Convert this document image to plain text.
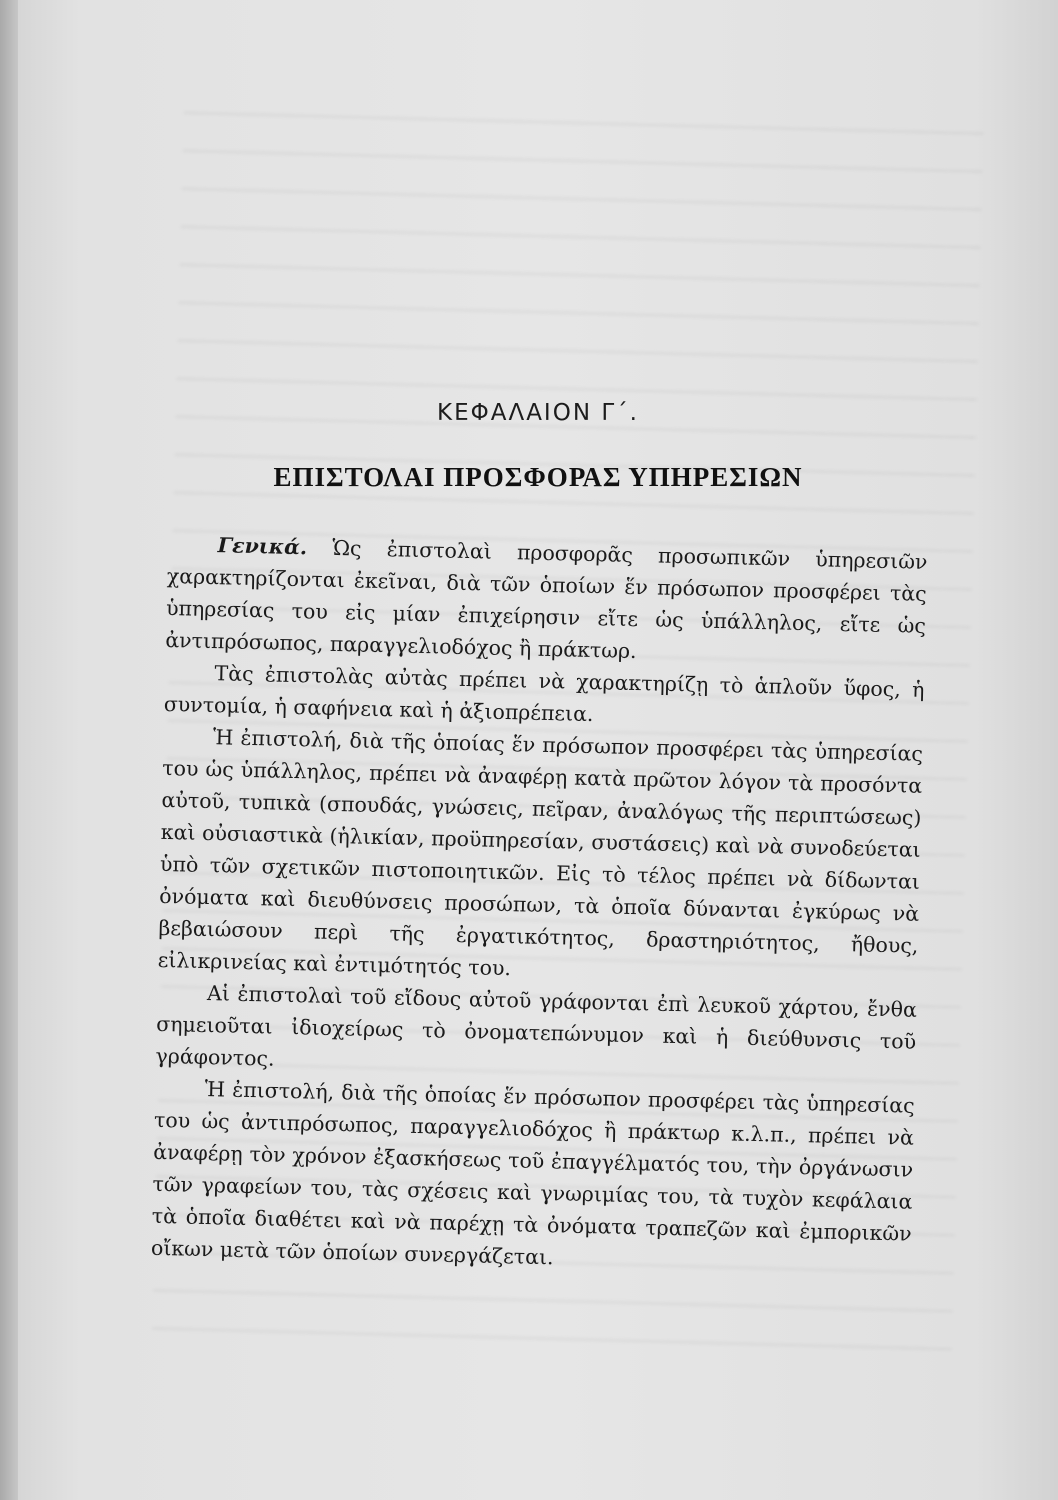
ΚΕΦΑΛΑΙΟΝ Γ΄.
ΕΠΙΣΤΟΛΑΙ ΠΡΟΣΦΟΡΑΣ ΥΠΗΡΕΣΙΩΝ

Γενικά. Ὡς ἐπιστολαὶ προσφορᾶς προσωπικῶν ὑπηρεσιῶν χαρακτηρίζονται ἐκεῖναι, διὰ τῶν ὁποίων ἕν πρόσωπον προσφέρει τὰς ὑπηρεσίας του εἰς μίαν ἐπιχείρησιν εἴτε ὡς ὑπάλληλος, εἴτε ὡς ἀντιπρόσωπος, παραγγελιοδόχος ἢ πράκτωρ.

Τὰς ἐπιστολὰς αὐτὰς πρέπει νὰ χαρακτηρίζῃ τὸ ἁπλοῦν ὕφος, ἡ συντομία, ἡ σαφήνεια καὶ ἡ ἀξιοπρέπεια.

Ἡ ἐπιστολή, διὰ τῆς ὁποίας ἕν πρόσωπον προσφέρει τὰς ὑπηρεσίας του ὡς ὑπάλληλος, πρέπει νὰ ἀναφέρῃ κατὰ πρῶτον λόγον τὰ προσόντα αὐτοῦ, τυπικὰ (σπουδάς, γνώσεις, πεῖραν, ἀναλόγως τῆς περιπτώσεως) καὶ οὐσιαστικὰ (ἡλικίαν, προϋπηρεσίαν, συστάσεις) καὶ νὰ συνοδεύεται ὑπὸ τῶν σχετικῶν πιστοποιητικῶν. Εἰς τὸ τέλος πρέπει νὰ δίδωνται ὀνόματα καὶ διευθύνσεις προσώπων, τὰ ὁποῖα δύνανται ἐγκύρως νὰ βεβαιώσουν περὶ τῆς ἐργατικότητος, δραστηριότητος, ἤθους, εἰλικρινείας καὶ ἐντιμότητός του.

Αἱ ἐπιστολαὶ τοῦ εἴδους αὐτοῦ γράφονται ἐπὶ λευκοῦ χάρτου, ἔνθα σημειοῦται ἰδιοχείρως τὸ ὀνοματεπώνυμον καὶ ἡ διεύθυνσις τοῦ γράφοντος.

Ἡ ἐπιστολή, διὰ τῆς ὁποίας ἕν πρόσωπον προσφέρει τὰς ὑπηρεσίας του ὡς ἀντιπρόσωπος, παραγγελιοδόχος ἢ πράκτωρ κ.λ.π., πρέπει νὰ ἀναφέρῃ τὸν χρόνον ἐξασκήσεως τοῦ ἐπαγγέλματός του, τὴν ὀργάνωσιν τῶν γραφείων του, τὰς σχέσεις καὶ γνωριμίας του, τὰ τυχὸν κεφάλαια τὰ ὁποῖα διαθέτει καὶ νὰ παρέχῃ τὰ ὀνόματα τραπεζῶν καὶ ἐμπορικῶν οἴκων μετὰ τῶν ὁποίων συνεργάζεται.
